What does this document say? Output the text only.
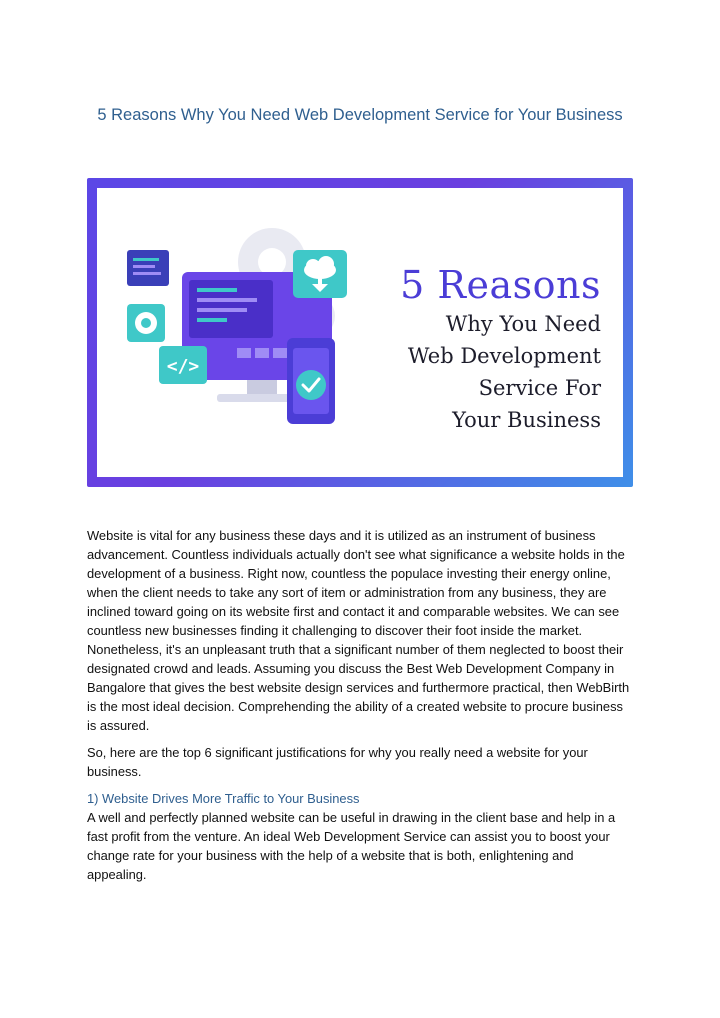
5 Reasons Why You Need Web Development Service for Your Business
</>
5 Reasons
Why You Need
Web Development
Service For
Your Business

Website is vital for any business these days and it is utilized as an instrument of business advancement. Countless individuals actually don't see what significance a website holds in the development of a business. Right now, countless the populace investing their energy online, when the client needs to take any sort of item or administration from any business, they are inclined toward going on its website first and contact it and comparable websites. We can see countless new businesses finding it challenging to discover their foot inside the market. Nonetheless, it's an unpleasant truth that a significant number of them neglected to boost their designated crowd and leads. Assuming you discuss the Best Web Development Company in Bangalore that gives the best website design services and furthermore practical, then WebBirth is the most ideal decision. Comprehending the ability of a created website to procure business is assured.

So, here are the top 6 significant justifications for why you really need a website for your business.

1) Website Drives More Traffic to Your Business

A well and perfectly planned website can be useful in drawing in the client base and help in a fast profit from the venture. An ideal Web Development Service can assist you to boost your change rate for your business with the help of a website that is both, enlightening and appealing.
